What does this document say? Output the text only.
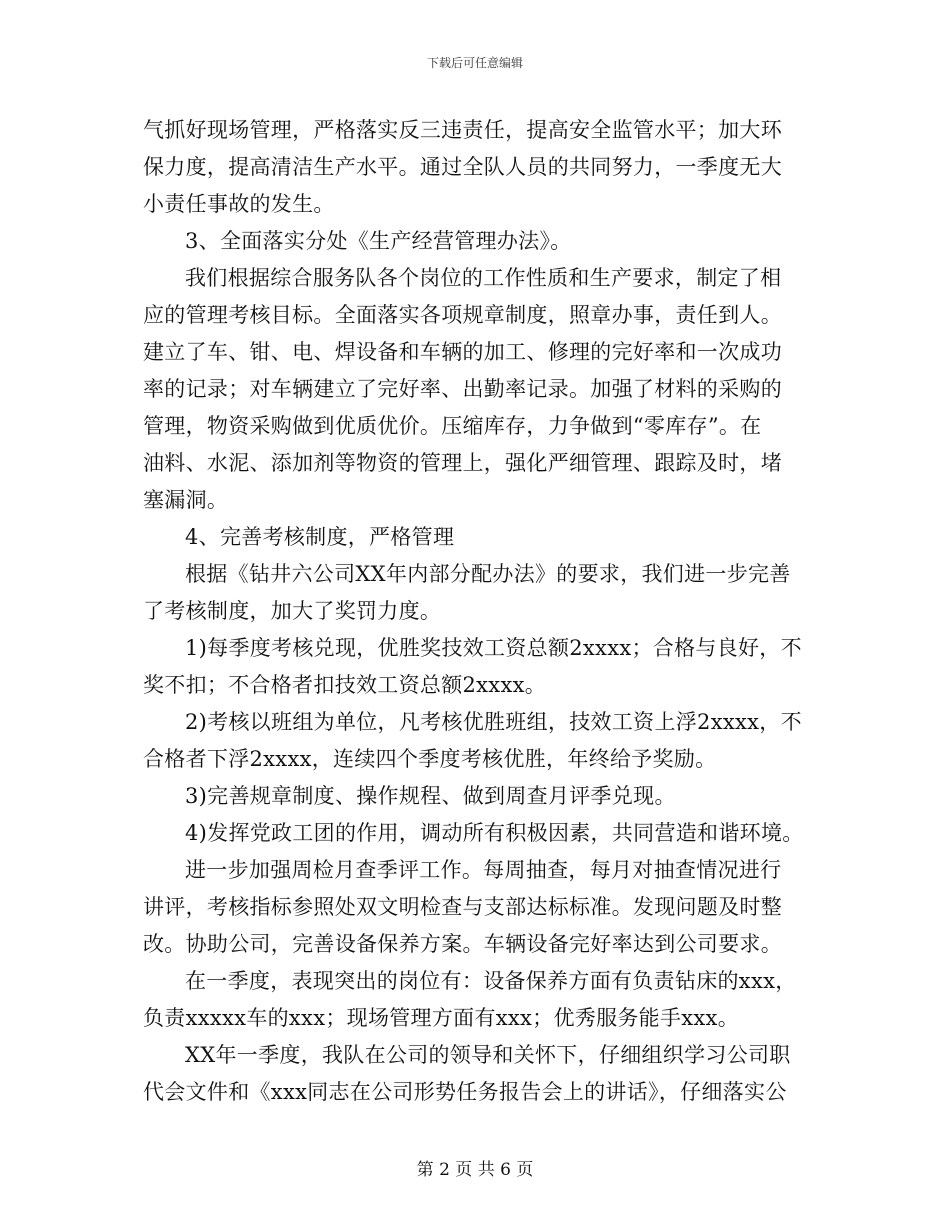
下载后可任意编辑
气抓好现场管理，严格落实反三违责任，提高安全监管水平；加大环
保力度，提高清洁生产水平。通过全队人员的共同努力，一季度无大
小责任事故的发生。
3、全面落实分处《生产经营管理办法》。
我们根据综合服务队各个岗位的工作性质和生产要求，制定了相
应的管理考核目标。全面落实各项规章制度，照章办事，责任到人。
建立了车、钳、电、焊设备和车辆的加工、修理的完好率和一次成功
率的记录；对车辆建立了完好率、出勤率记录。加强了材料的采购的
管理，物资采购做到优质优价。压缩库存，力争做到“零库存”。在
油料、水泥、添加剂等物资的管理上，强化严细管理、跟踪及时，堵
塞漏洞。
4、完善考核制度，严格管理
根据《钻井六公司XX年内部分配办法》的要求，我们进一步完善
了考核制度，加大了奖罚力度。
1)每季度考核兑现，优胜奖技效工资总额2xxxx；合格与良好，不
奖不扣；不合格者扣技效工资总额2xxxx。
2)考核以班组为单位，凡考核优胜班组，技效工资上浮2xxxx，不
合格者下浮2xxxx，连续四个季度考核优胜，年终给予奖励。
3)完善规章制度、操作规程、做到周查月评季兑现。
4)发挥党政工团的作用，调动所有积极因素，共同营造和谐环境。
进一步加强周检月查季评工作。每周抽查，每月对抽查情况进行
讲评，考核指标参照处双文明检查与支部达标标准。发现问题及时整
改。协助公司，完善设备保养方案。车辆设备完好率达到公司要求。
在一季度，表现突出的岗位有：设备保养方面有负责钻床的xxx，
负责xxxxx车的xxx；现场管理方面有xxx；优秀服务能手xxx。
XX年一季度，我队在公司的领导和关怀下，仔细组织学习公司职
代会文件和《xxx同志在公司形势任务报告会上的讲话》，仔细落实公
第 2 页 共 6 页
